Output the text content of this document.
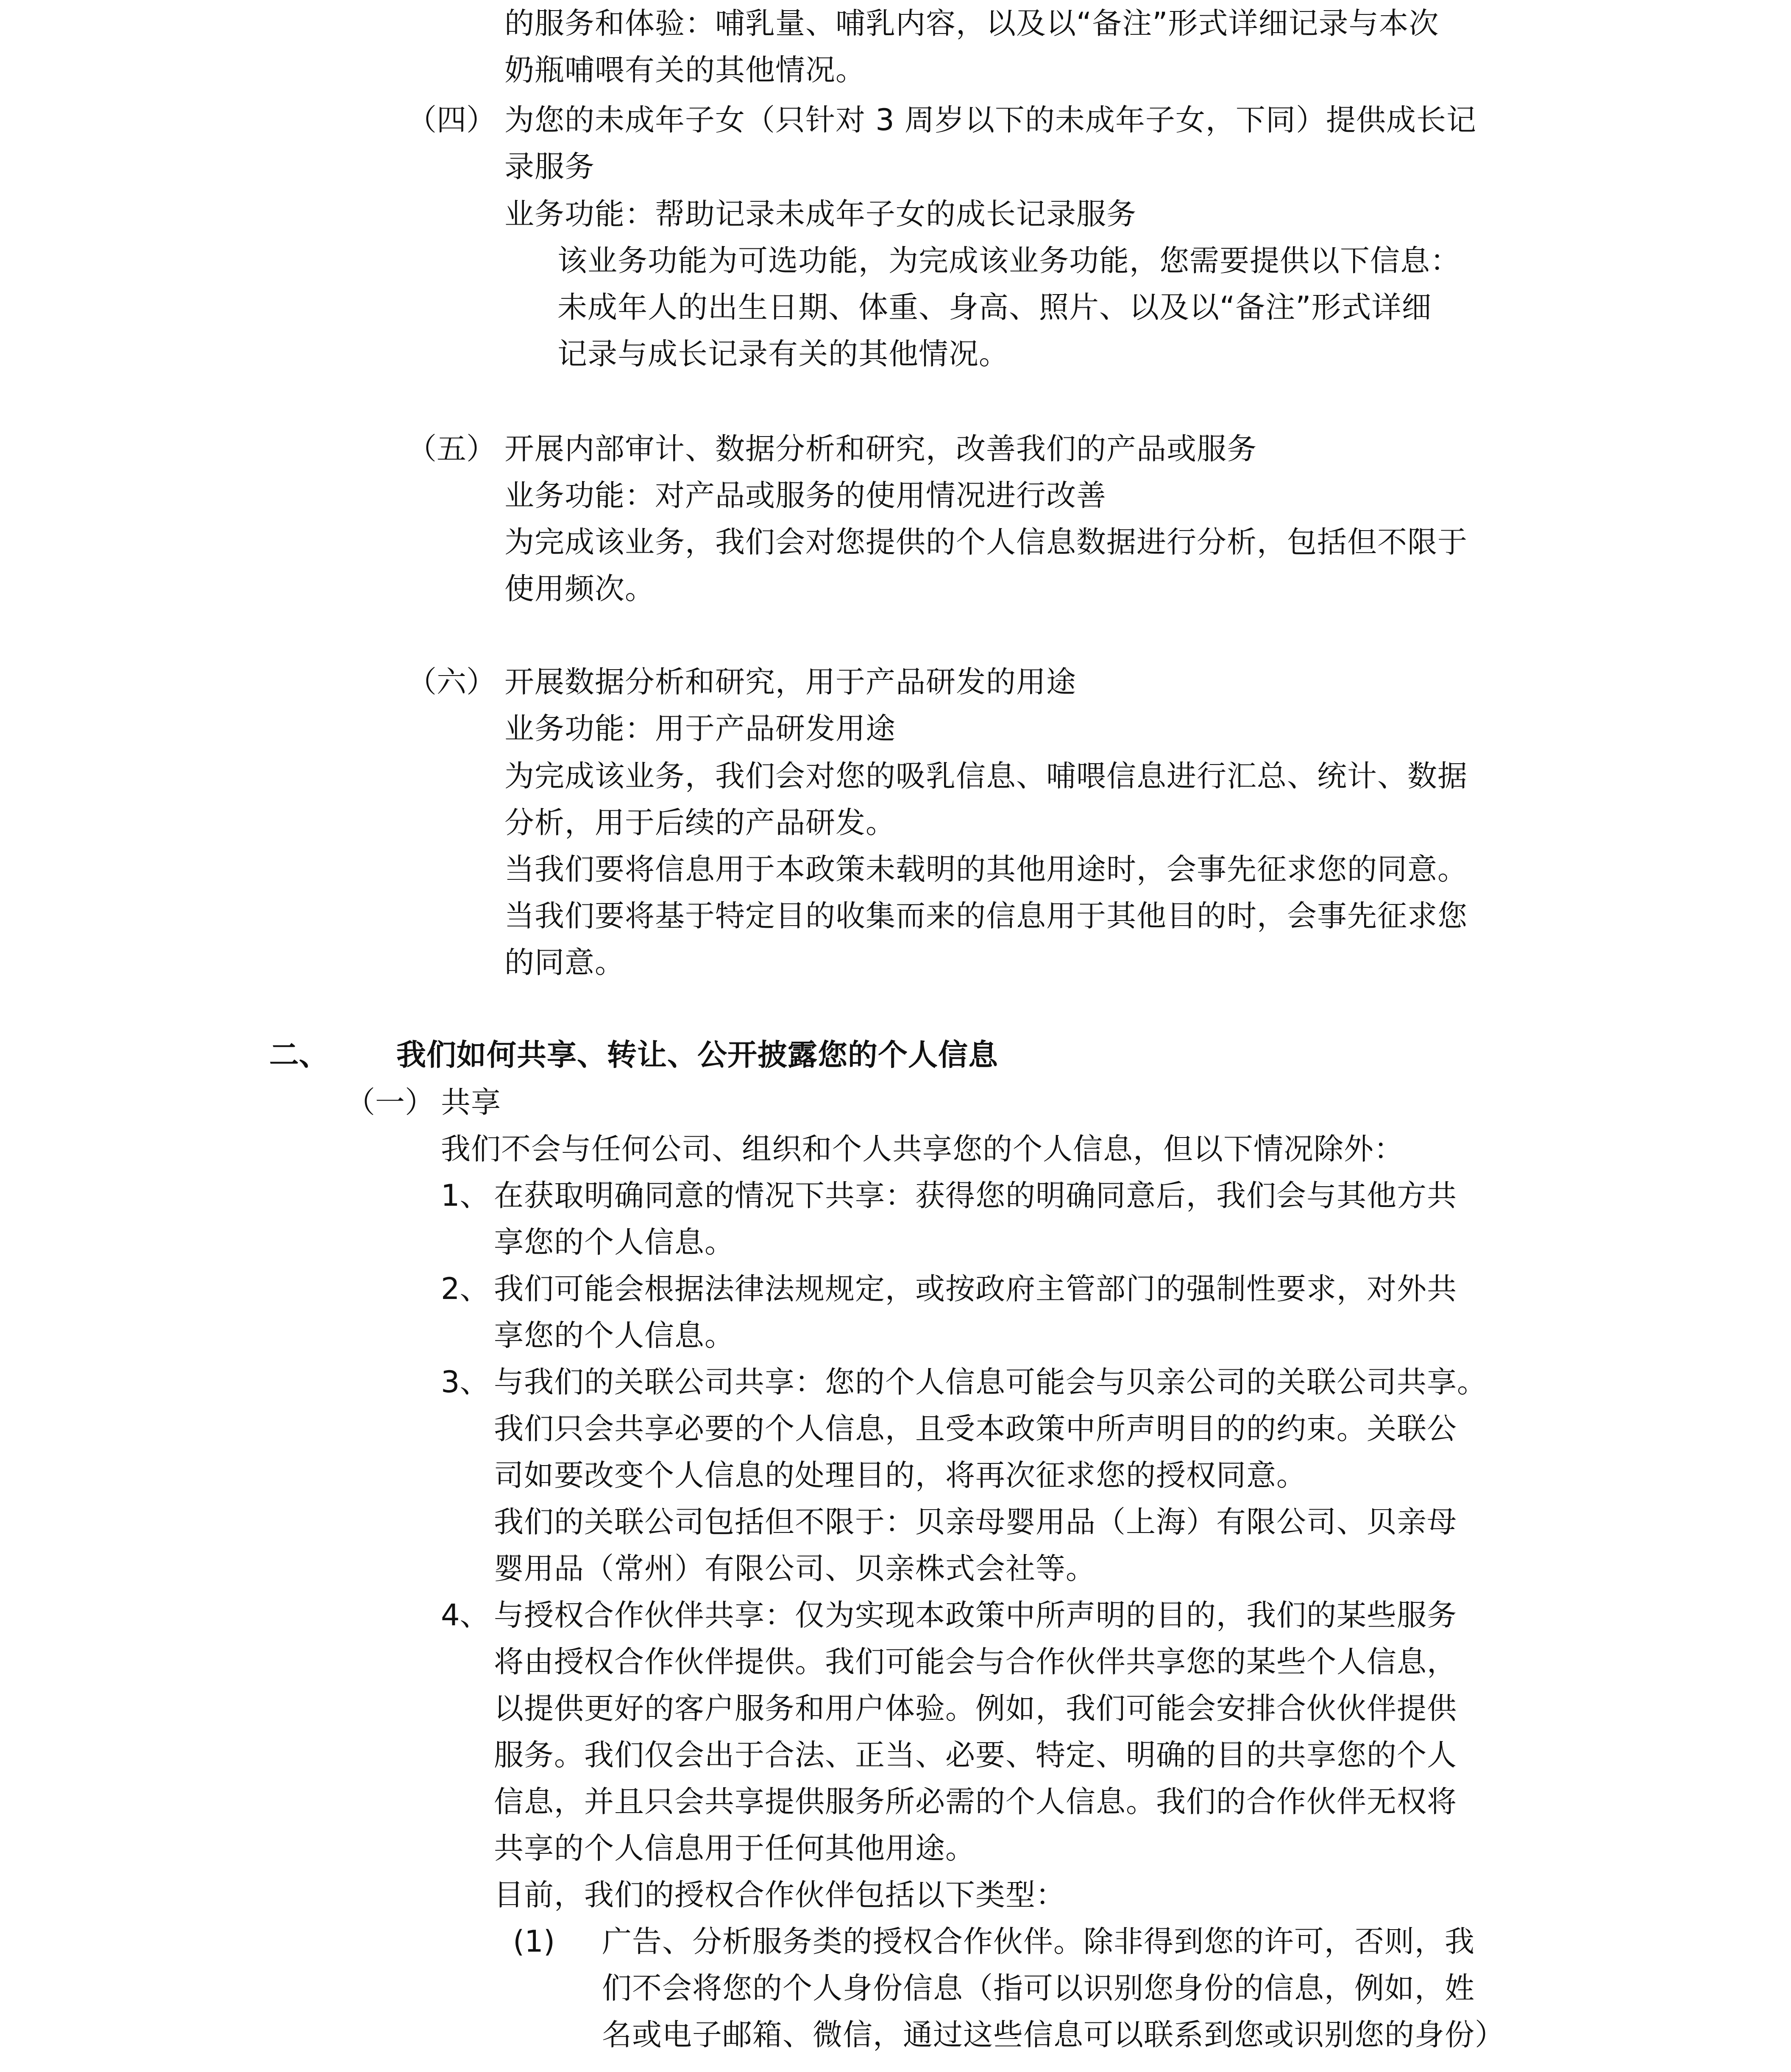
的服务和体验：哺乳量、哺乳内容，以及以“备注”形式详细记录与本次
奶瓶哺喂有关的其他情况。
（四） 为您的未成年子女（只针对 3 周岁以下的未成年子女，下同）提供成长记
录服务
业务功能：帮助记录未成年子女的成长记录服务
该业务功能为可选功能，为完成该业务功能，您需要提供以下信息：
未成年人的出生日期、体重、身高、照片、以及以“备注”形式详细
记录与成长记录有关的其他情况。
（五） 开展内部审计、数据分析和研究，改善我们的产品或服务
业务功能：对产品或服务的使用情况进行改善
为完成该业务，我们会对您提供的个人信息数据进行分析，包括但不限于
使用频次。
（六） 开展数据分析和研究，用于产品研发的用途
业务功能：用于产品研发用途
为完成该业务，我们会对您的吸乳信息、哺喂信息进行汇总、统计、数据
分析，用于后续的产品研发。
当我们要将信息用于本政策未载明的其他用途时，会事先征求您的同意。
当我们要将基于特定目的收集而来的信息用于其他目的时，会事先征求您
的同意。
二、 我们如何共享、转让、公开披露您的个人信息
（一） 共享
我们不会与任何公司、组织和个人共享您的个人信息，但以下情况除外：
1、 在获取明确同意的情况下共享：获得您的明确同意后，我们会与其他方共
享您的个人信息。
2、 我们可能会根据法律法规规定，或按政府主管部门的强制性要求，对外共
享您的个人信息。
3、 与我们的关联公司共享：您的个人信息可能会与贝亲公司的关联公司共享。
我们只会共享必要的个人信息，且受本政策中所声明目的的约束。关联公
司如要改变个人信息的处理目的，将再次征求您的授权同意。
我们的关联公司包括但不限于：贝亲母婴用品（上海）有限公司、贝亲母
婴用品（常州）有限公司、贝亲株式会社等。
4、 与授权合作伙伴共享：仅为实现本政策中所声明的目的，我们的某些服务
将由授权合作伙伴提供。我们可能会与合作伙伴共享您的某些个人信息，
以提供更好的客户服务和用户体验。例如，我们可能会安排合伙伙伴提供
服务。我们仅会出于合法、正当、必要、特定、明确的目的共享您的个人
信息，并且只会共享提供服务所必需的个人信息。我们的合作伙伴无权将
共享的个人信息用于任何其他用途。
目前，我们的授权合作伙伴包括以下类型：
(1) 广告、分析服务类的授权合作伙伴。除非得到您的许可，否则，我
们不会将您的个人身份信息（指可以识别您身份的信息，例如，姓
名或电子邮箱、微信，通过这些信息可以联系到您或识别您的身份）
